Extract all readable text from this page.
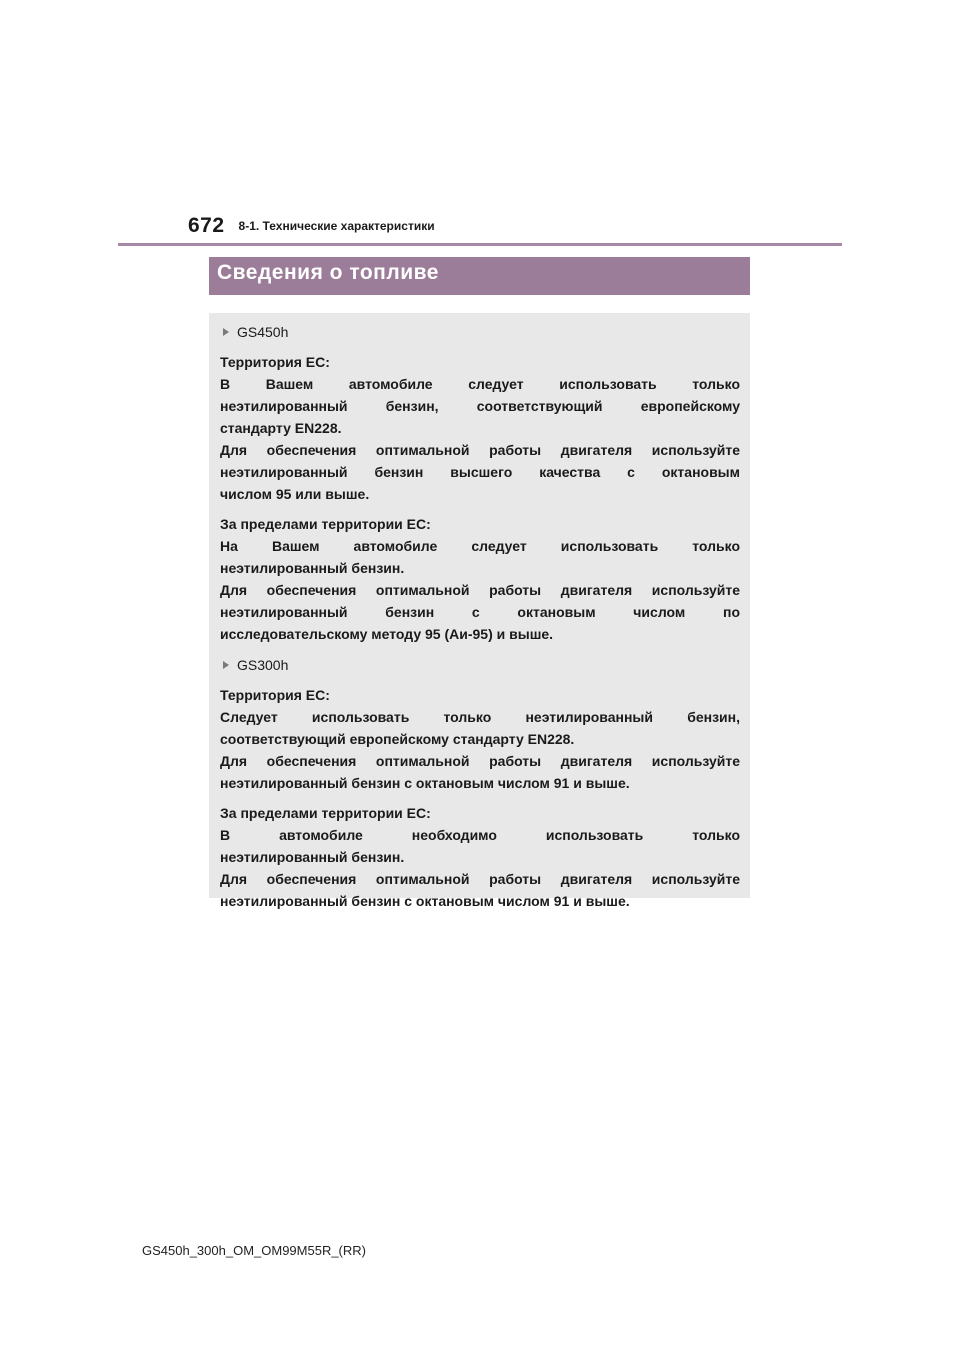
672 8-1. Технические характеристики
Сведения о топливе
GS450h
Территория ЕС:
В Вашем автомобиле следует использовать только
неэтилированный бензин, соответствующий европейскому
стандарту EN228.
Для обеспечения оптимальной работы двигателя используйте
неэтилированный бензин высшего качества с октановым
числом 95 или выше.
За пределами территории ЕС:
На Вашем автомобиле следует использовать только
неэтилированный бензин.
Для обеспечения оптимальной работы двигателя используйте
неэтилированный бензин с октановым числом по
исследовательскому методу 95 (Аи-95) и выше.
GS300h
Территория ЕС:
Следует использовать только неэтилированный бензин,
соответствующий европейскому стандарту EN228.
Для обеспечения оптимальной работы двигателя используйте
неэтилированный бензин с октановым числом 91 и выше.
За пределами территории ЕС:
В автомобиле необходимо использовать только
неэтилированный бензин.
Для обеспечения оптимальной работы двигателя используйте
неэтилированный бензин с октановым числом 91 и выше.
GS450h_300h_OM_OM99M55R_(RR)
